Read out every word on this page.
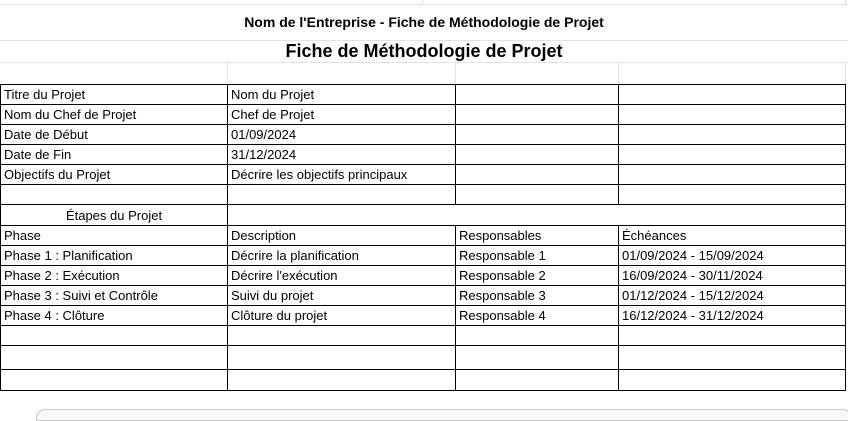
Nom de l'Entreprise - Fiche de Méthodologie de Projet
Fiche de Méthodologie de Projet
Titre du Projet	Nom du Projet		
Nom du Chef de Projet	Chef de Projet		
Date de Début	01/09/2024		
Date de Fin	31/12/2024		
Objectifs du Projet	Décrire les objectifs principaux		

Étapes du Projet			
Phase	Description	Responsables	Échéances
Phase 1 : Planification	Décrire la planification	Responsable 1	01/09/2024 - 15/09/2024
Phase 2 : Exécution	Décrire l'exécution	Responsable 2	16/09/2024 - 30/11/2024
Phase 3 : Suivi et Contrôle	Suivi du projet	Responsable 3	01/12/2024 - 15/12/2024
Phase 4 : Clôture	Clôture du projet	Responsable 4	16/12/2024 - 31/12/2024

Analyse des Risques			
Risque	Probabilité	Impact	Stratégies d'atténuation
